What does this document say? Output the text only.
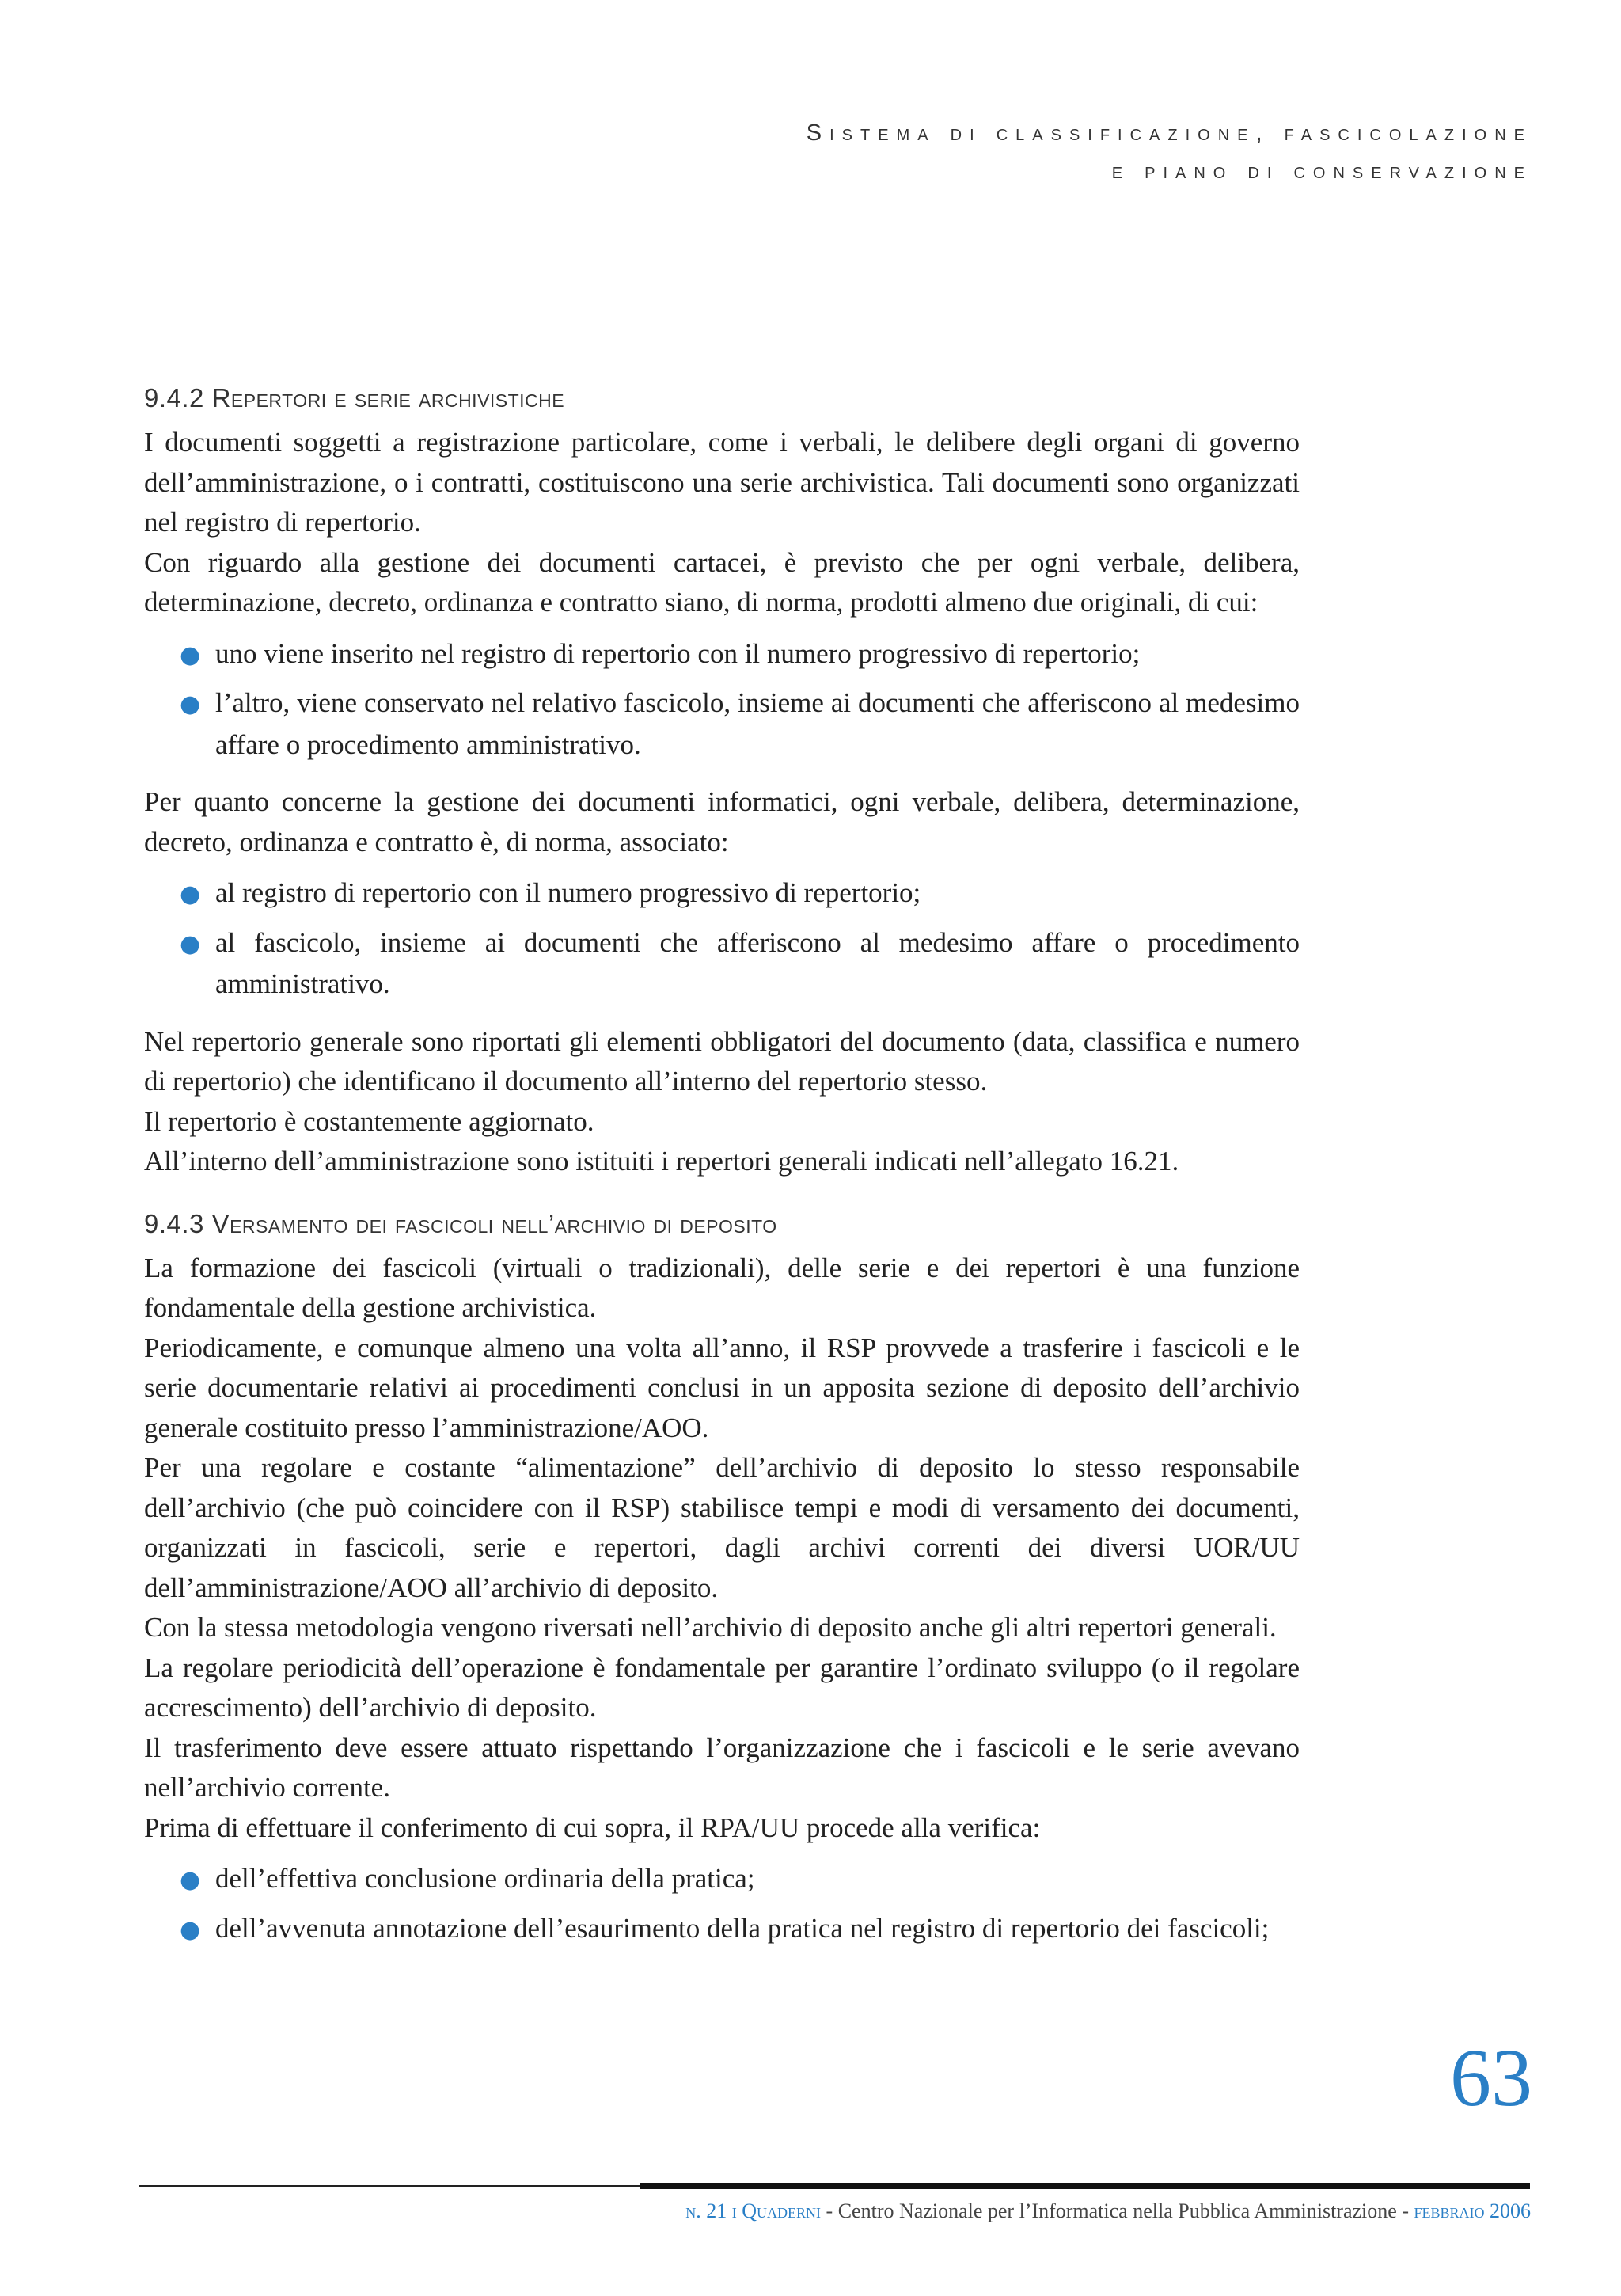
Sistema di classificazione, fascicolazione
e piano di conservazione
9.4.2 Repertori e serie archivistiche

I documenti soggetti a registrazione particolare, come i verbali, le delibere degli organi di governo dell’amministrazione, o i contratti, costituiscono una serie archivistica. Tali documenti sono organizzati nel registro di repertorio.

Con riguardo alla gestione dei documenti cartacei, è previsto che per ogni verbale, delibera, determinazione, decreto, ordinanza e contratto siano, di norma, prodotti almeno due originali, di cui:

● uno viene inserito nel registro di repertorio con il numero progressivo di repertorio;
● l’altro, viene conservato nel relativo fascicolo, insieme ai documenti che afferiscono al medesimo affare o procedimento amministrativo.

Per quanto concerne la gestione dei documenti informatici, ogni verbale, delibera, determinazione, decreto, ordinanza e contratto è, di norma, associato:

● al registro di repertorio con il numero progressivo di repertorio;
● al fascicolo, insieme ai documenti che afferiscono al medesimo affare o procedimento amministrativo.

Nel repertorio generale sono riportati gli elementi obbligatori del documento (data, classifica e numero di repertorio) che identificano il documento all’interno del repertorio stesso.

Il repertorio è costantemente aggiornato.

All’interno dell’amministrazione sono istituiti i repertori generali indicati nell’allegato 16.21.

9.4.3 Versamento dei fascicoli nell’archivio di deposito

La formazione dei fascicoli (virtuali o tradizionali), delle serie e dei repertori è una funzione fondamentale della gestione archivistica.

Periodicamente, e comunque almeno una volta all’anno, il RSP provvede a trasferire i fascicoli e le serie documentarie relativi ai procedimenti conclusi in un apposita sezione di deposito dell’archivio generale costituito presso l’amministrazione/AOO.

Per una regolare e costante “alimentazione” dell’archivio di deposito lo stesso responsabile dell’archivio (che può coincidere con il RSP) stabilisce tempi e modi di versamento dei documenti, organizzati in fascicoli, serie e repertori, dagli archivi correnti dei diversi UOR/UU dell’amministrazione/AOO all’archivio di deposito.

Con la stessa metodologia vengono riversati nell’archivio di deposito anche gli altri repertori generali.

La regolare periodicità dell’operazione è fondamentale per garantire l’ordinato sviluppo (o il regolare accrescimento) dell’archivio di deposito.

Il trasferimento deve essere attuato rispettando l’organizzazione che i fascicoli e le serie avevano nell’archivio corrente.

Prima di effettuare il conferimento di cui sopra, il RPA/UU procede alla verifica:

● dell’effettiva conclusione ordinaria della pratica;
● dell’avvenuta annotazione dell’esaurimento della pratica nel registro di repertorio dei fascicoli;
63
n. 21 i Quaderni - Centro Nazionale per l’Informatica nella Pubblica Amministrazione - febbraio 2006
